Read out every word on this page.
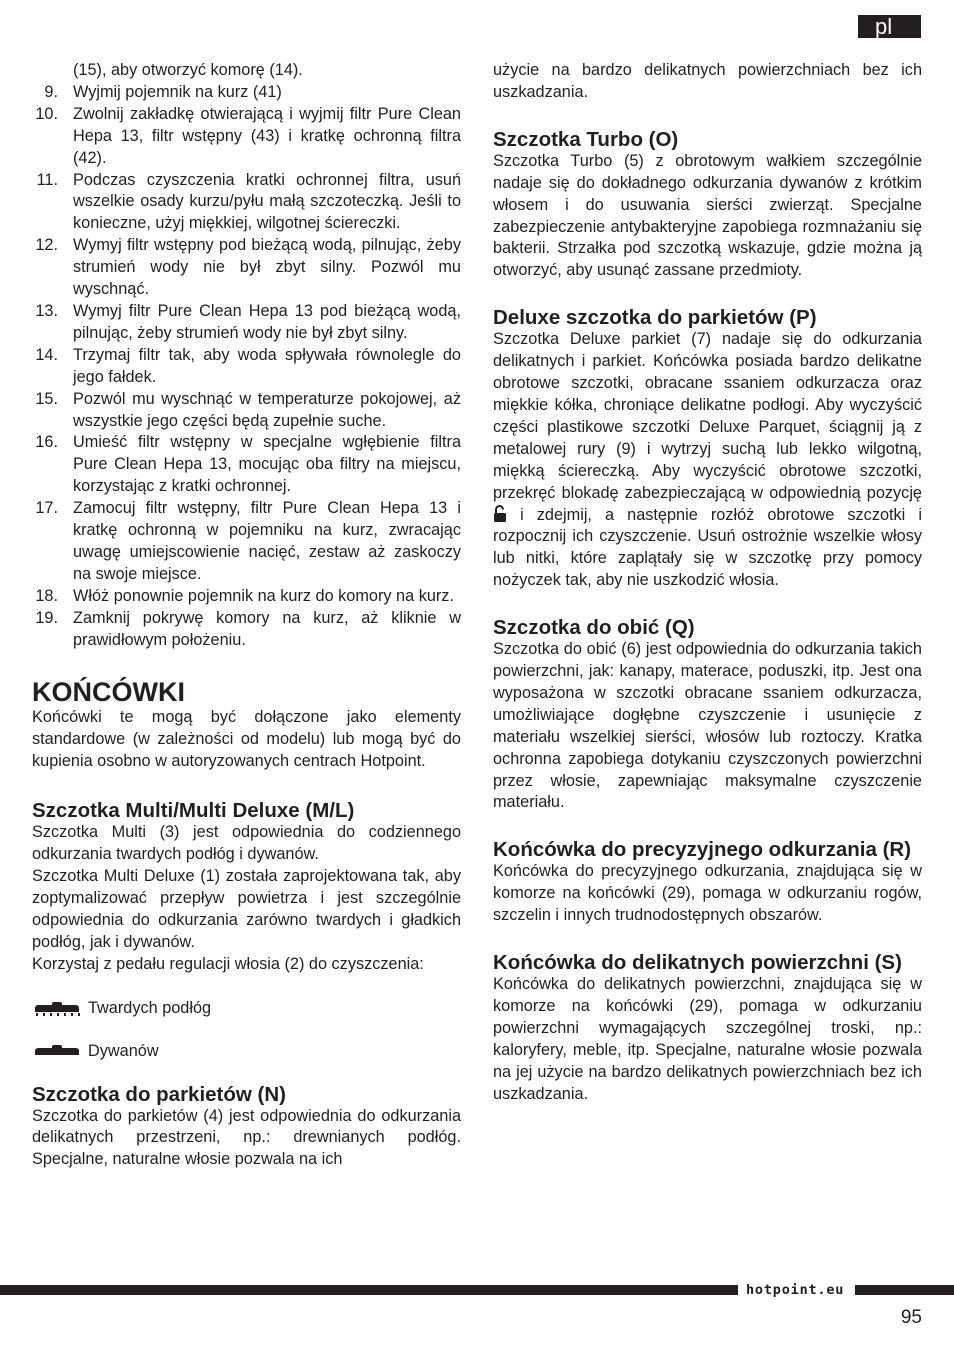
pl
(15), aby otworzyć komorę (14).
9. Wyjmij pojemnik na kurz (41)
10. Zwolnij zakładkę otwierającą i wyjmij filtr Pure Clean Hepa 13, filtr wstępny (43) i kratkę ochronną filtra (42).
11. Podczas czyszczenia kratki ochronnej filtra, usuń wszelkie osady kurzu/pyłu małą szczoteczką. Jeśli to konieczne, użyj miękkiej, wilgotnej ściereczki.
12. Wymyj filtr wstępny pod bieżącą wodą, pilnując, żeby strumień wody nie był zbyt silny. Pozwól mu wyschnąć.
13. Wymyj filtr Pure Clean Hepa 13 pod bieżącą wodą, pilnując, żeby strumień wody nie był zbyt silny.
14. Trzymaj filtr tak, aby woda spływała równolegle do jego fałdek.
15. Pozwól mu wyschnąć w temperaturze pokojowej, aż wszystkie jego części będą zupełnie suche.
16. Umieść filtr wstępny w specjalne wgłębienie filtra Pure Clean Hepa 13, mocując oba filtry na miejscu, korzystając z kratki ochronnej.
17. Zamocuj filtr wstępny, filtr Pure Clean Hepa 13 i kratkę ochronną w pojemniku na kurz, zwracając uwagę umiejscowienie nacięć, zestaw aż zaskoczy na swoje miejsce.
18. Włóż ponownie pojemnik na kurz do komory na kurz.
19. Zamknij pokrywę komory na kurz, aż kliknie w prawidłowym położeniu.
KOŃCÓWKI

Końcówki te mogą być dołączone jako elementy standardowe (w zależności od modelu) lub mogą być do kupienia osobno w autoryzowanych centrach Hotpoint.

Szczotka Multi/Multi Deluxe (M/L)

Szczotka Multi (3) jest odpowiednia do codziennego odkurzania twardych podłóg i dywanów.

Szczotka Multi Deluxe (1) została zaprojektowana tak, aby zoptymalizować przepływ powietrza i jest szczególnie odpowiednia do odkurzania zarówno twardych i gładkich podłóg, jak i dywanów.

Korzystaj z pedału regulacji włosia (2) do czyszczenia:

Twardych podłóg
Dywanów
Szczotka do parkietów (N)

Szczotka do parkietów (4) jest odpowiednia do odkurzania delikatnych przestrzeni, np.: drewnianych podłóg. Specjalne, naturalne włosie pozwala na ich

użycie na bardzo delikatnych powierzchniach bez ich uszkadzania.

Szczotka Turbo (O)

Szczotka Turbo (5) z obrotowym wałkiem szczególnie nadaje się do dokładnego odkurzania dywanów z krótkim włosem i do usuwania sierści zwierząt. Specjalne zabezpieczenie antybakteryjne zapobiega rozmnażaniu się bakterii. Strzałka pod szczotką wskazuje, gdzie można ją otworzyć, aby usunąć zassane przedmioty.

Deluxe szczotka do parkietów (P)

Szczotka Deluxe parkiet (7) nadaje się do odkurzania delikatnych i parkiet. Końcówka posiada bardzo delikatne obrotowe szczotki, obracane ssaniem odkurzacza oraz miękkie kółka, chroniące delikatne podłogi. Aby wyczyścić części plastikowe szczotki Deluxe Parquet, ściągnij ją z metalowej rury (9) i wytrzyj suchą lub lekko wilgotną, miękką ściereczką. Aby wyczyścić obrotowe szczotki, przekręć blokadę zabezpieczającą w odpowiednią pozycję  i zdejmij, a następnie rozłóż obrotowe szczotki i rozpocznij ich czyszczenie. Usuń ostrożnie wszelkie włosy lub nitki, które zaplątały się w szczotkę przy pomocy nożyczek tak, aby nie uszkodzić włosia.

Szczotka do obić (Q)

Szczotka do obić (6) jest odpowiednia do odkurzania takich powierzchni, jak: kanapy, materace, poduszki, itp. Jest ona wyposażona w szczotki obracane ssaniem odkurzacza, umożliwiające dogłębne czyszczenie i usunięcie z materiału wszelkiej sierści, włosów lub roztoczy. Kratka ochronna zapobiega dotykaniu czyszczonych powierzchni przez włosie, zapewniając maksymalne czyszczenie materiału.

Końcówka do precyzyjnego odkurzania (R)

Końcówka do precyzyjnego odkurzania, znajdująca się w komorze na końcówki (29), pomaga w odkurzaniu rogów, szczelin i innych trudnodostępnych obszarów.

Końcówka do delikatnych powierzchni (S)

Końcówka do delikatnych powierzchni, znajdująca się w komorze na końcówki (29), pomaga w odkurzaniu powierzchni wymagających szczególnej troski, np.: kaloryfery, meble, itp. Specjalne, naturalne włosie pozwala na jej użycie na bardzo delikatnych powierzchniach bez ich uszkadzania.

hotpoint.eu
95
